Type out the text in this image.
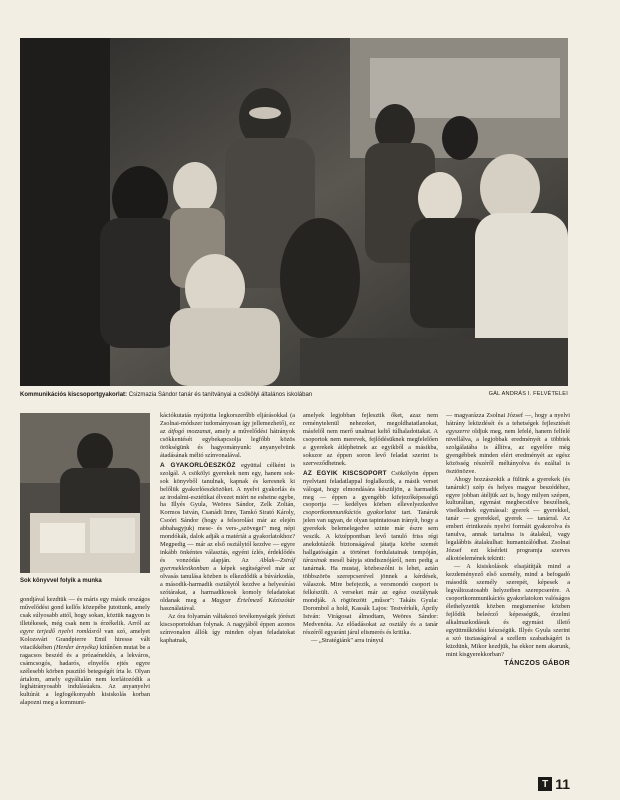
Kommunikációs kiscsoportgyakorlat: Csizmazia Sándor tanár és tanítványai a csökölyi általános iskolában	GÁL ANDRÁS I. FELVÉTELEI
Sok könyvvel folyik a munka

gondjával kezdtük — és máris egy másik országos művelődési gond kellős közepébe jutottunk, amely csak súlyosabb attól, hogy sokan, köztük nagyon is illetékesek, még csak nem is érzékelik. Arról az egyre terjedő nyelvi romlásról van szó, amelyet Kolozsvári Grandpierre Emil hiresse vált vitacikkében (Herder árnyéka) kitűnően mutat be a ragacsos beszéd és a prózaéneklés, a lekváros, csámcsogós, hadarós, elnyelős ejtés egyre szélesebb körben pusztító betegségét írta le. Olyan ártalom, amely egyáltalán nem korlátozódik a leghátrányosabb indulásúakra. Az anyanyelvi kultúrát a legfogékonyabb kisiskolás korban alapozni meg a kommuni-

kációkutatás nyújtotta legkorszerűbb eljárásokkal (a Zsolnai-módszer tudományosan így jellemezhető), ez az átfogó mozzanat, amely a művelődési hátrányok csökkentését egybekapcsolja legfőbb közös örökségünk és hagyományunk: anyanyelvünk átadásának méltó színvonalával.

A GYAKORLÓESZKÖZ együttal célként is szolgál. A csökölyi gyerekek nem egy, hanem sok-sok könyvből tanulnak, kapnak és keresnek ki belőlük gyakorlóeszközöket. A nyelvi gyakorlás és az irodalmi-esztétikai élvezet miért ne eshetne egybe, ha Illyés Gyula, Weöres Sándor, Zelk Zoltán, Kormos István, Csanádi Imre, Tamkó Sirató Károly, Csoóri Sándor (hogy a felsorolást már az elején abbahagyjuk) mese- és vers-„szövegei" meg népi mondókák, dalok adják a matériát a gyakorlatokhoz? Megpedig — már az első osztálytól kezdve — egyre inkább önkéntes választás, egyéni ízlés, érdeklődés és vonzódás alapján. Az Ablak—Zsiráf gyermeklexikonban a képek segítségével már az olvasás tanulása közben is elkezdődik a búvárkodás, a második-harmadik osztálytól kezdve a helyesírási szótárakat, a harmadikosok komoly feladatokat oldanak meg a Magyar Értelmező Kéziszótár használatával.

Az óra folyamán váltakozó tevékenységek jórészt kiscsoportokban folynak. A nagyjából éppen azonos színvonalon állók így minden olyan feladatokat kaphatnak,

amelyek legjobban fejlesztik őket, azaz nem reménytelenül nehezeket, megoldhatatlanokat, másfelől nem merő unalmat keltő túlhaladottakat. A csoportok nem merevek, fejlődésüknek megfelelően a gyerekek átléphetnek az egyikből a másikba, sokszor az éppen soron levő feladat szerint is szerveződhetnek.

AZ EGYIK KISCSOPORT Csökölyön éppen nyelvtani feladatlappal foglalkozik, a másik verset válogat, hogy elmondására készüljön, a harmadik meg — éppen a gyengébb kifejezőképességű csoportja — kedélyes körben ellevelyezkedve csoportkommunikációs gyakorlatot tart. Tanáruk jelen van ugyan, de olyan tapintatosan irányít, hogy a gyerekek belemelegedve szinte már észre sem veszik. A középpontban levő tanuló friss régi anekdotázók biztonságával játatja körbe szemét hallgatóságán a történet fordulatainak tempóján, tárasinak mesél bátyja sündisznójáról, nem pedig a tanárnak. Ha mustaj, közbeszólni is lehet, aztán többszörös szerepcserével jönnek a kérdések, válaszok. Mire befejezik, a versmondó csoport is felkészült. A verseket már az egész osztálynak mondják. A rögtönzött „műsor": Takáts Gyula: Dorombol a hold, Kassák Lajos: Testvérkék, Áprily István: Virágosat álmodtam, Weöres Sándor: Medvenóta. Az előadásokat az osztály és a tanár részéről egyaránt járul elismerés és kritika.

— „Stratégiánk" arra irányul

— magyarázza Zsolnai József —, hogy a nyelvi hátrány leküzdését és a tehetségek fejlesztését egyszerre oldjuk meg, nem lefelé, hanem felfelé nivellálva, a legjobbak eredményét a többiek szolgálatába is állítva, az egyelőre még gyengébbek minden elért eredményét az egész közösség részéről méltányolva és ezáltal is ösztönözve.

Ahogy hozzászokik a fülünk a gyerekek (és tanáruk!) szép és helyes magyar beszédéhez, egyre jobban átéljük azt is, hogy milyen szépen, kulturáltan, egymást megbecsülve beszélnek, viselkednek egymással: gyerek — gyerekkel, tanár — gyerekkel, gyerek — tanárral. Az emberi érintkezés nyelvi formáit gyakorolva és tanulva, annak tartalma is átalakul, vagy legalábbis átalakulhat: humanizálódhat. Zsolnai József ezt kísérleti programja szerves alkotóelemének tekinti:

— A kisiskolások elsajátítják mind a kezdeményező első személy, mind a befogadó második személy szerepét, képesek a legváltozatosabb helyzetben szerepcserére. A csoportkommunikációs gyakorlatokon valóságos élethelyzetük közben megismerése közben fejlődik beleérző képességük, érzelmi alkalmazkodásuk és egymást illető együttműködési készségük. Illyés Gyula szerint a szó tisztaságával a szellem szabadságért is küzdünk, Mikor kezdjük, ha ekkor nem akarunk, mint kisgyerekkorban?

TÁNCZOS GÁBOR
T 11
